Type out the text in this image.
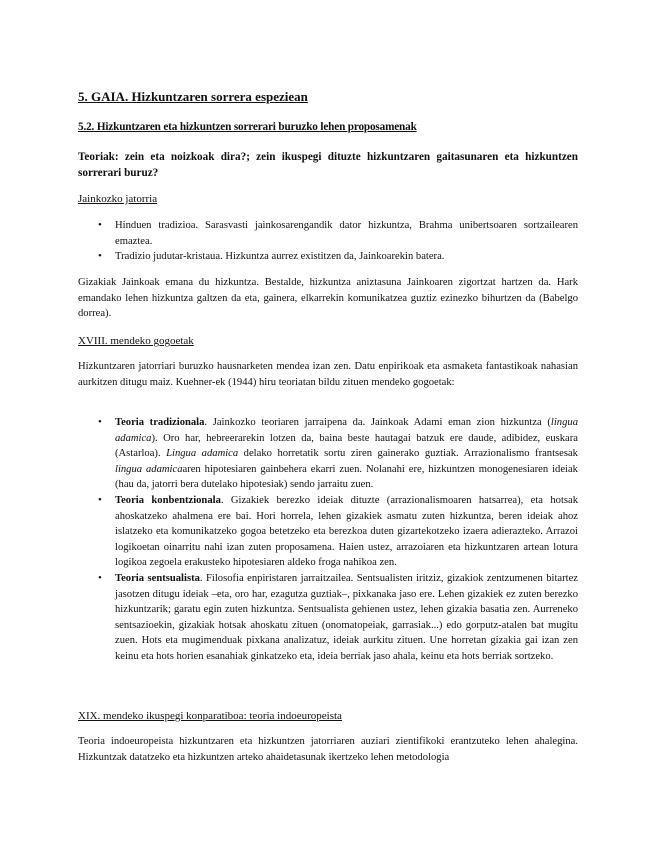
5. GAIA. Hizkuntzaren sorrera espeziean
5.2. Hizkuntzaren eta hizkuntzen sorrerari buruzko lehen proposamenak
Teoriak: zein eta noizkoak dira?; zein ikuspegi dituzte hizkuntzaren gaitasunaren eta hizkuntzen sorrerari buruz?
Jainkozko jatorria
• Hinduen tradizioa. Sarasvasti jainkosarengandik dator hizkuntza, Brahma unibertsoaren sortzailearen emaztea.
• Tradizio judutar-kristaua. Hizkuntza aurrez existitzen da, Jainkoarekin batera.
Gizakiak Jainkoak emana du hizkuntza. Bestalde, hizkuntza aniztasuna Jainkoaren zigortzat hartzen da. Hark emandako lehen hizkuntza galtzen da eta, gainera, elkarrekin komunikatzea guztiz ezinezko bihurtzen da (Babelgo dorrea).
XVIII. mendeko gogoetak
Hizkuntzaren jatorriari buruzko hausnarketen mendea izan zen. Datu enpirikoak eta asmaketa fantastikoak nahasian aurkitzen ditugu maiz. Kuehner-ek (1944) hiru teoriatan bildu zituen mendeko gogoetak:
• Teoria tradizionala. Jainkozko teoriaren jarraipena da. Jainkoak Adami eman zion hizkuntza (lingua adamica). Oro har, hebreerarekin lotzen da, baina beste hautagai batzuk ere daude, adibidez, euskara (Astarloa). Lingua adamica delako horretatik sortu ziren gainerako guztiak. Arrazionalismo frantsesak lingua adamicaaren hipotesiaren gainbehera ekarri zuen. Nolanahi ere, hizkuntzen monogenesiaren ideiak (hau da, jatorri bera dutelako hipotesiak) sendo jarraitu zuen.
• Teoria konbentzionala. Gizakiek berezko ideiak dituzte (arrazionalismoaren hatsarrea), eta hotsak ahoskatzeko ahalmena ere bai. Hori horrela, lehen gizakiek asmatu zuten hizkuntza, beren ideiak ahoz islatzeko eta komunikatzeko gogoa betetzeko eta berezkoa duten gizartekotzeko izaera adierazteko. Arrazoi logikoetan oinarritu nahi izan zuten proposamena. Haien ustez, arrazoiaren eta hizkuntzaren artean lotura logikoa zegoela erakusteko hipotesiaren aldeko froga nahikoa zen.
• Teoria sentsualista. Filosofia enpiristaren jarraitzailea. Sentsualisten iritziz, gizakiok zentzumenen bitartez jasotzen ditugu ideiak –eta, oro har, ezagutza guztiak–, pixkanaka jaso ere. Lehen gizakiek ez zuten berezko hizkuntzarik; garatu egin zuten hizkuntza. Sentsualista gehienen ustez, lehen gizakia basatia zen. Aurreneko sentsazioekin, gizakiak hotsak ahoskatu zituen (onomatopeiak, garrasiak...) edo gorputz-atalen bat mugitu zuen. Hots eta mugimenduak pixkana analizatuz, ideiak aurkitu zituen. Une horretan gizakia gai izan zen keinu eta hots horien esanahiak ginkatzeko eta, ideia berriak jaso ahala, keinu eta hots berriak sortzeko.
XIX. mendeko ikuspegi konparatiboa: teoria indoeuropeista
Teoria indoeuropeista hizkuntzaren eta hizkuntzen jatorriaren auziari zientifikoki erantzuteko lehen ahalegina. Hizkuntzak datatzeko eta hizkuntzen arteko ahaidetasunak ikertzeko lehen metodologia
